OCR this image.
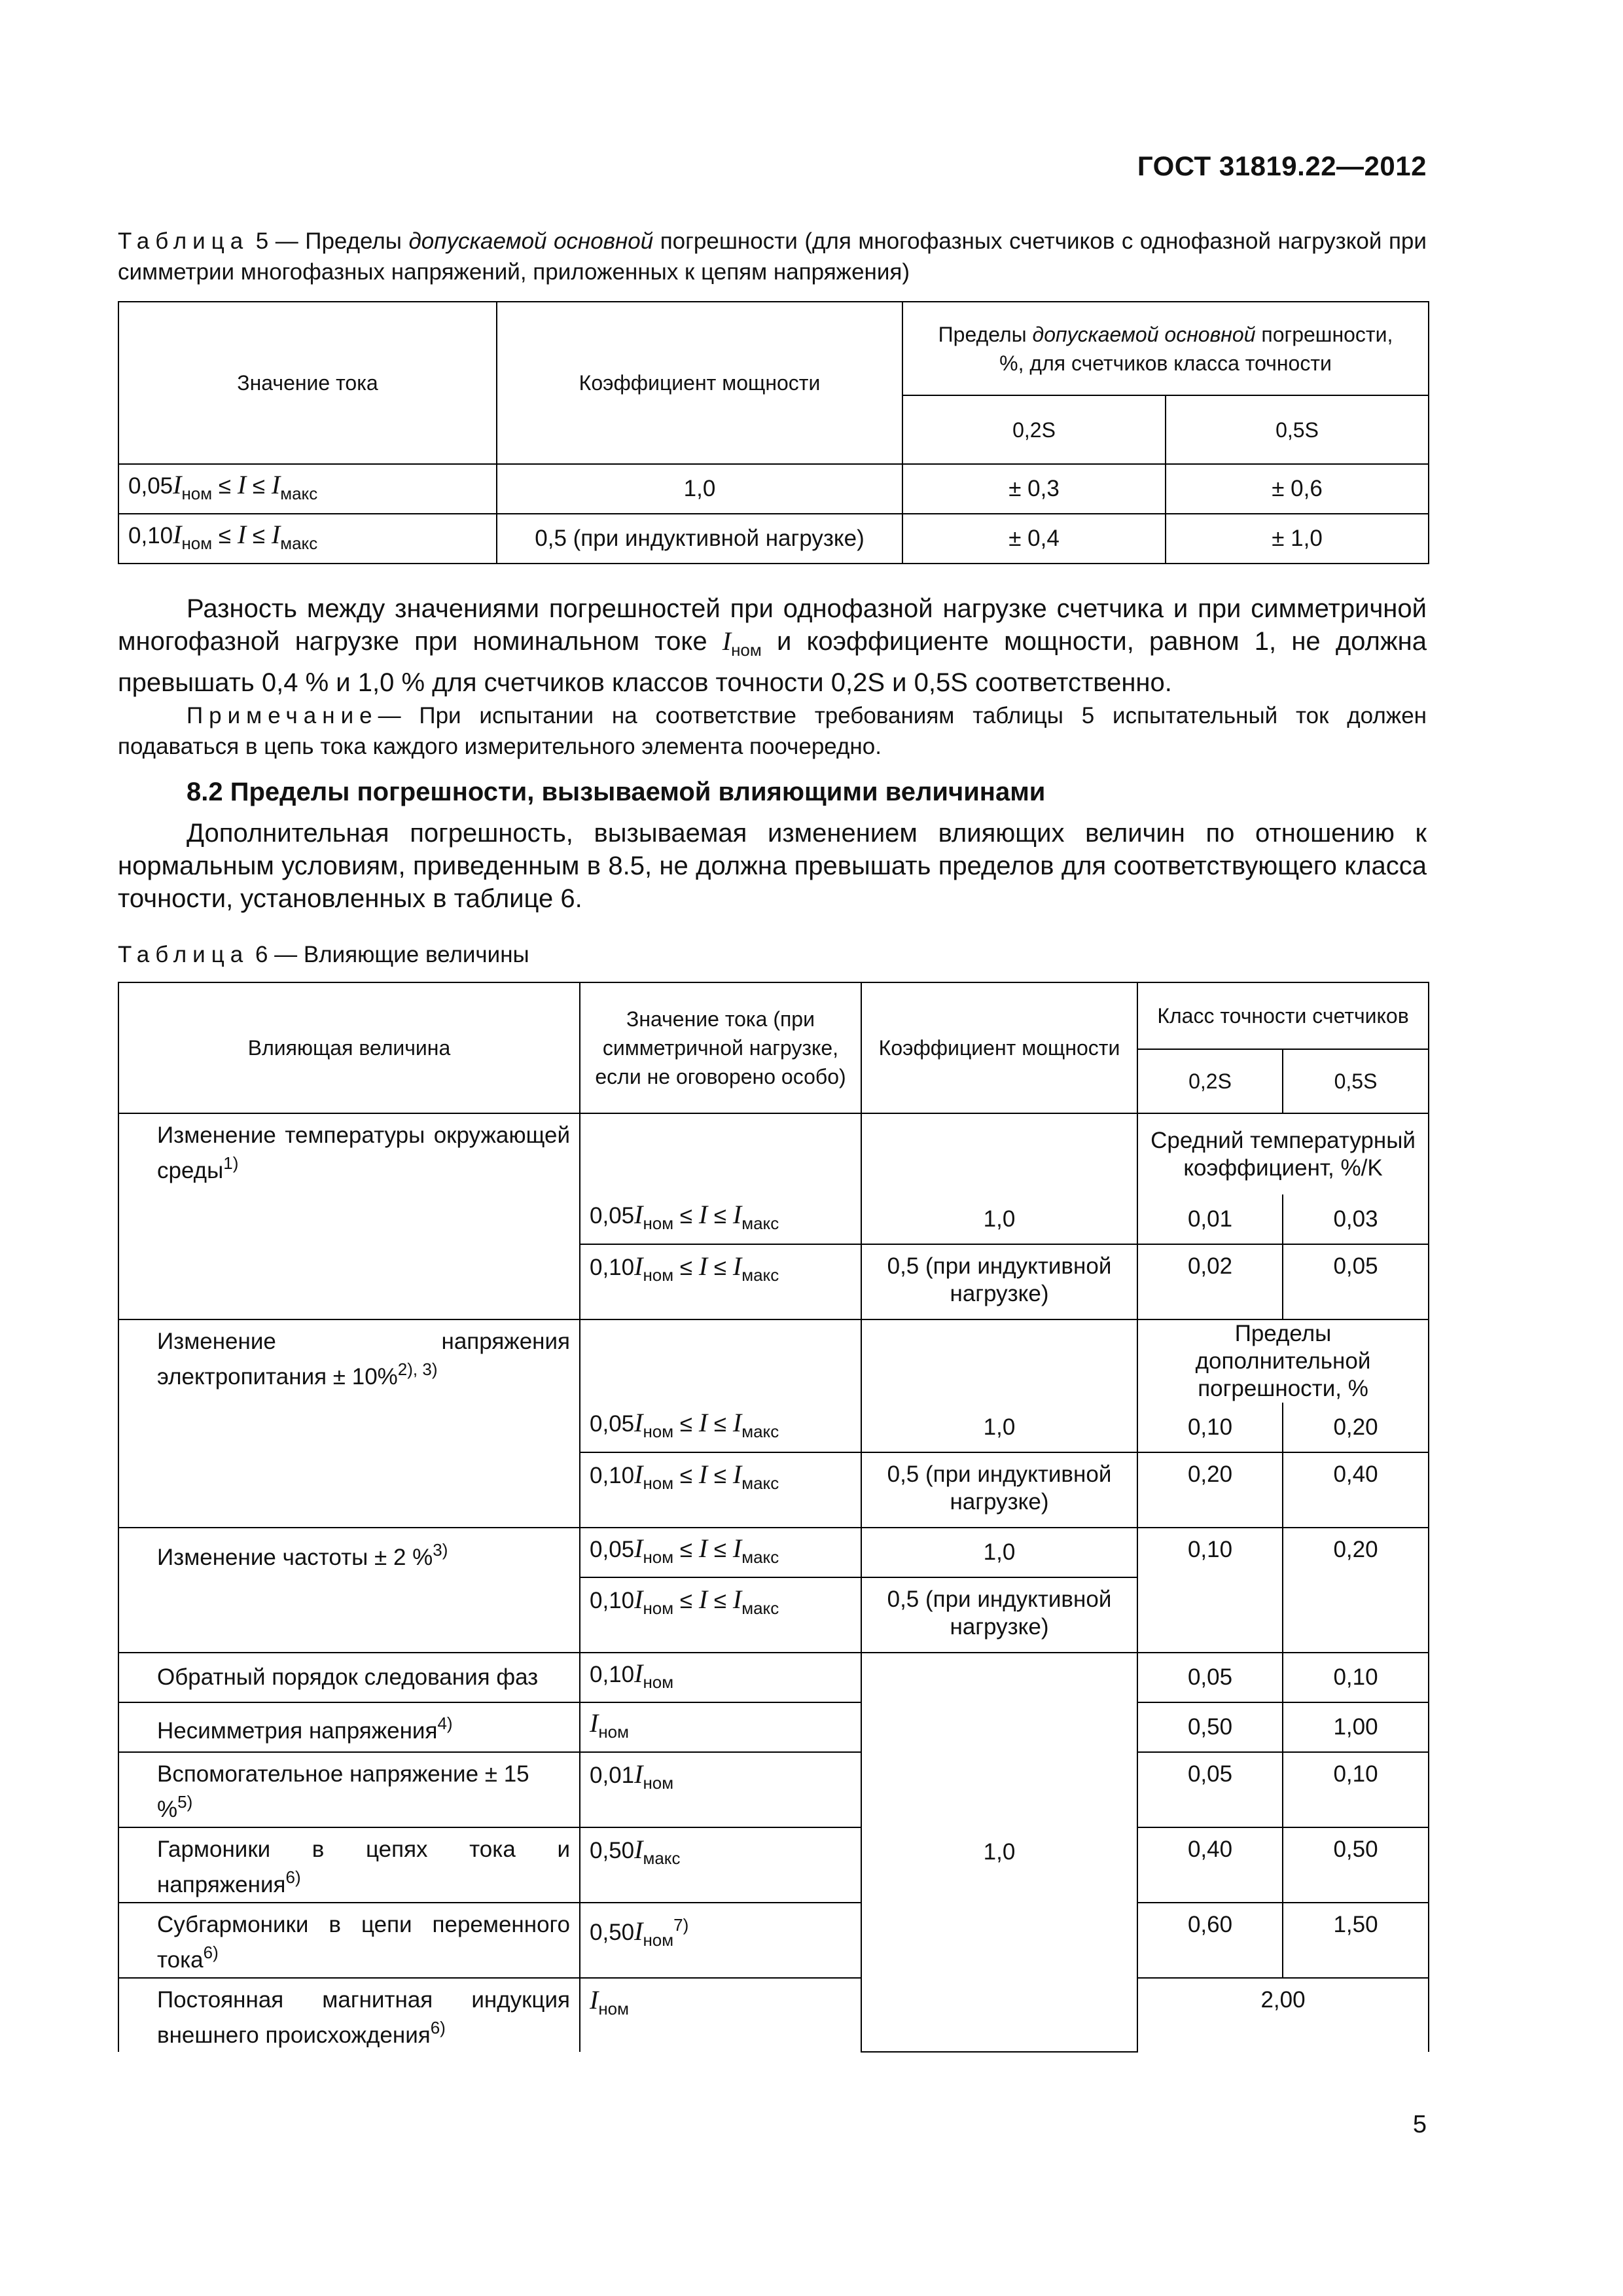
ГОСТ 31819.22—2012
Таблица 5 — Пределы допускаемой основной погрешности (для многофазных счетчиков с однофазной нагрузкой при симметрии многофазных напряжений, приложенных к цепям напряжения)
Значение тока	Коэффициент мощности	Пределы допускаемой основной погрешности,
%, для счетчиков класса точности	
		0,2S	0,5S
$0,05I_{ном} \le I \le I_{макс}$	1,0	± 0,3	± 0,6
$0,10I_{ном} \le I \le I_{макс}$	0,5 (при индуктивной нагрузке)	± 0,4	± 1,0
Разность между значениями погрешностей при однофазной нагрузке счетчика и при симметричной многофазной нагрузке при номинальном токе $I_{ном}$ и коэффициенте мощности, равном 1, не должна превышать 0,4 % и 1,0 % для счетчиков классов точности 0,2S и 0,5S соответственно.
Примечание— При испытании на соответствие требованиям таблицы 5 испытательный ток должен подаваться в цепь тока каждого измерительного элемента поочередно.
8.2 Пределы погрешности, вызываемой влияющими величинами
Дополнительная погрешность, вызываемая изменением влияющих величин по отношению к нормальным условиям, приведенным в 8.5, не должна превышать пределов для соответствующего класса точности, установленных в таблице 6.
Таблица 6 — Влияющие величины
Влияющая величина	Значение тока (при симметричной нагрузке, если не оговорено особо)	Коэффициент мощности	Класс точности счетчиков	
			0,2S	0,5S
Изменение температуры окружающей среды$^{1)}$			Средний температурный коэффициент, %/K	
	$0,05I_{ном} \le I \le I_{макс}$	1,0	0,01	0,03
	$0,10I_{ном} \le I \le I_{макс}$	0,5 (при индуктивной нагрузке)	0,02	0,05
Изменение напряжения электропитания ± 10%$^{2), 3)}$			Пределы дополнительной погрешности, %	
	$0,05I_{ном} \le I \le I_{макс}$	1,0	0,10	0,20
	$0,10I_{ном} \le I \le I_{макс}$	0,5 (при индуктивной нагрузке)	0,20	0,40
Изменение частоты ± 2 %$^{3)}$	$0,05I_{ном} \le I \le I_{макс}$	1,0	0,10	0,20
	$0,10I_{ном} \le I \le I_{макс}$	0,5 (при индуктивной нагрузке)		
Обратный порядок следования фаз	$0,10I_{ном}$	1,0	0,05	0,10
Несимметрия напряжения$^{4)}$	$I_{ном}$		0,50	1,00
Вспомогательное напряжение ± 15 %$^{5)}$	$0,01I_{ном}$		0,05	0,10
Гармоники в цепях тока и напряжения$^{6)}$	$0,50I_{макс}$		0,40	0,50
Субгармоники в цепи переменного тока$^{6)}$	$0,50I_{ном}^{7)}$		0,60	1,50
Постоянная магнитная индукция внешнего происхождения$^{6)}$	$I_{ном}$		2,00	
5
